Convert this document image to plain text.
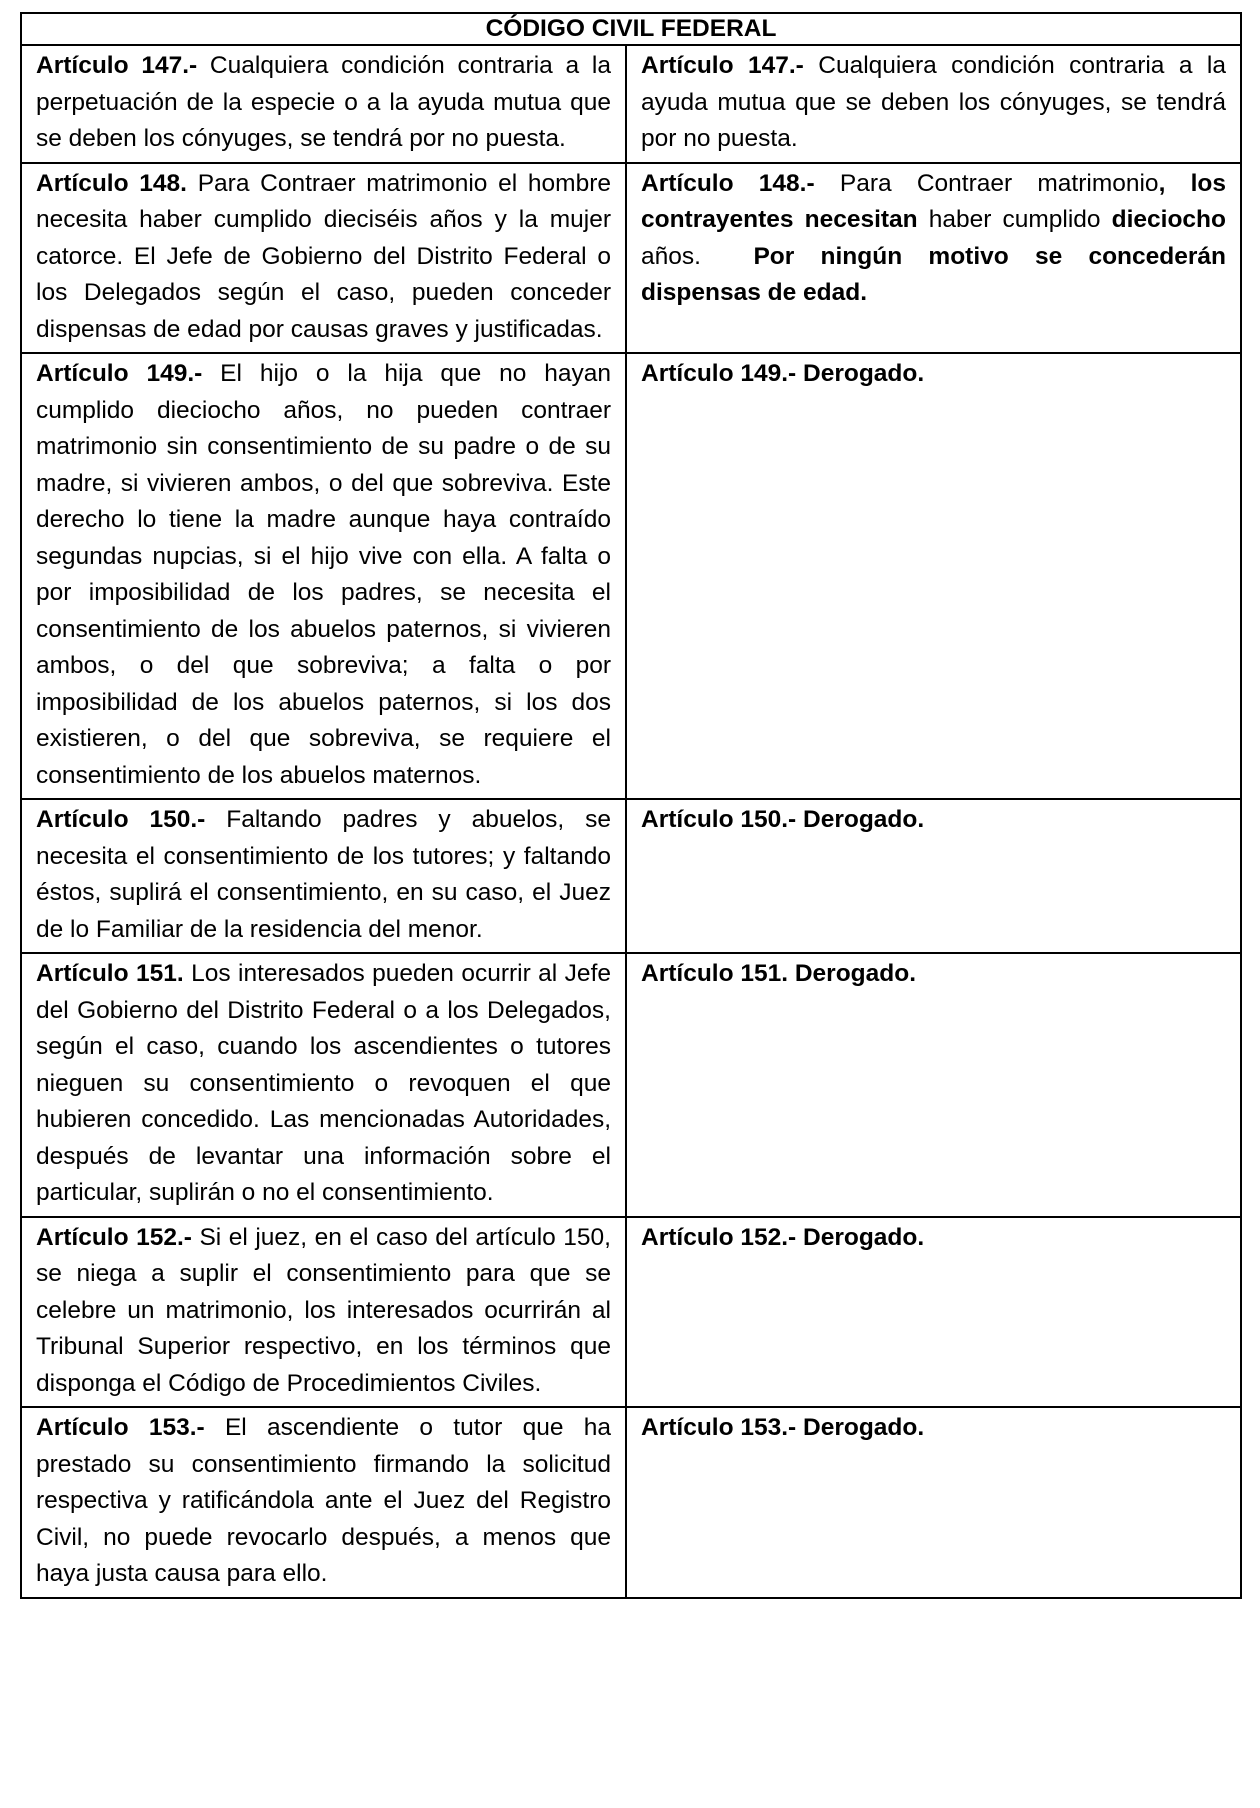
CÓDIGO CIVIL FEDERAL	
Artículo 147.- Cualquiera condición contraria a la perpetuación de la especie o a la ayuda mutua que se deben los cónyuges, se tendrá por no puesta.	Artículo 147.- Cualquiera condición contraria a la ayuda mutua que se deben los cónyuges, se tendrá por no puesta.
Artículo 148. Para Contraer matrimonio el hombre necesita haber cumplido dieciséis años y la mujer catorce. El Jefe de Gobierno del Distrito Federal o los Delegados según el caso, pueden conceder dispensas de edad por causas graves y justificadas.	Artículo 148.- Para Contraer matrimonio, los contrayentes necesitan haber cumplido dieciocho años.  Por ningún motivo se concederán dispensas de edad.
Artículo 149.- El hijo o la hija que no hayan cumplido dieciocho años, no pueden contraer matrimonio sin consentimiento de su padre o de su madre, si vivieren ambos, o del que sobreviva. Este derecho lo tiene la madre aunque haya contraído segundas nupcias, si el hijo vive con ella. A falta o por imposibilidad de los padres, se necesita el consentimiento de los abuelos paternos, si vivieren ambos, o del que sobreviva; a falta o por imposibilidad de los abuelos paternos, si los dos existieren, o del que sobreviva, se requiere el consentimiento de los abuelos maternos.	Artículo 149.- Derogado.
Artículo 150.- Faltando padres y abuelos, se necesita el consentimiento de los tutores; y faltando éstos, suplirá el consentimiento, en su caso, el Juez de lo Familiar de la residencia del menor.	Artículo 150.- Derogado.
Artículo 151. Los interesados pueden ocurrir al Jefe del Gobierno del Distrito Federal o a los Delegados, según el caso, cuando los ascendientes o tutores nieguen su consentimiento o revoquen el que hubieren concedido. Las mencionadas Autoridades, después de levantar una información sobre el particular, suplirán o no el consentimiento.	Artículo 151. Derogado.
Artículo 152.- Si el juez, en el caso del artículo 150, se niega a suplir el consentimiento para que se celebre un matrimonio, los interesados ocurrirán al Tribunal Superior respectivo, en los términos que disponga el Código de Procedimientos Civiles.	Artículo 152.- Derogado.
Artículo 153.- El ascendiente o tutor que ha prestado su consentimiento firmando la solicitud respectiva y ratificándola ante el Juez del Registro Civil, no puede revocarlo después, a menos que haya justa causa para ello.	Artículo 153.- Derogado.
